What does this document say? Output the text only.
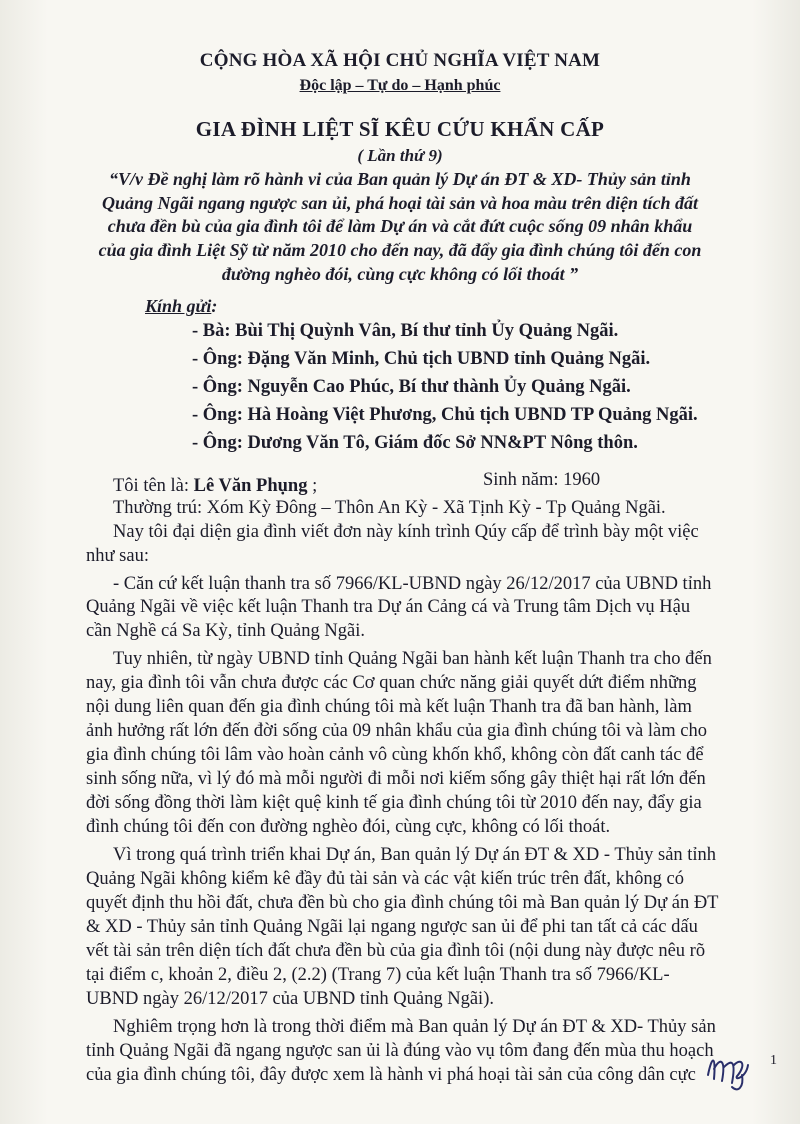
CỘNG HÒA XÃ HỘI CHỦ NGHĨA VIỆT NAM
Độc lập – Tự do – Hạnh phúc
GIA ĐÌNH LIỆT SĨ KÊU CỨU KHẨN CẤP
( Lần thứ 9)
“V/v Đề nghị làm rõ hành vi của Ban quản lý Dự án ĐT & XD- Thủy sản tỉnh
Quảng Ngãi ngang ngược san ủi, phá hoại tài sản và hoa màu trên diện tích đất
chưa đền bù của gia đình tôi để làm Dự án và cắt đứt cuộc sống 09 nhân khẩu
của gia đình Liệt Sỹ từ năm 2010 cho đến nay, đã đẩy gia đình chúng tôi đến con
đường nghèo đói, cùng cực không có lối thoát ”
Kính gửi:
- Bà: Bùi Thị Quỳnh Vân, Bí thư tỉnh Ủy Quảng Ngãi.
- Ông: Đặng Văn Minh, Chủ tịch UBND tỉnh Quảng Ngãi.
- Ông: Nguyễn Cao Phúc, Bí thư thành Ủy Quảng Ngãi.
- Ông: Hà Hoàng Việt Phương, Chủ tịch UBND TP Quảng Ngãi.
- Ông: Dương Văn Tô, Giám đốc Sở NN&PT Nông thôn.
Tôi tên là: Lê Văn Phụng ;	Sinh năm: 1960
Thường trú: Xóm Kỳ Đông – Thôn An Kỳ - Xã Tịnh Kỳ - Tp Quảng Ngãi.
Nay tôi đại diện gia đình viết đơn này kính trình Qúy cấp để trình bày một việc
như sau:
- Căn cứ kết luận thanh tra số 7966/KL-UBND ngày 26/12/2017 của UBND tỉnh
Quảng Ngãi về việc kết luận Thanh tra Dự án Cảng cá và Trung tâm Dịch vụ Hậu
cần Nghề cá Sa Kỳ, tỉnh Quảng Ngãi.
Tuy nhiên, từ ngày UBND tỉnh Quảng Ngãi ban hành kết luận Thanh tra cho đến
nay, gia đình tôi vẫn chưa được các Cơ quan chức năng giải quyết dứt điểm những
nội dung liên quan đến gia đình chúng tôi mà kết luận Thanh tra đã ban hành, làm
ảnh hưởng rất lớn đến đời sống của 09 nhân khẩu của gia đình chúng tôi và làm cho
gia đình chúng tôi lâm vào hoàn cảnh vô cùng khốn khổ, không còn đất canh tác để
sinh sống nữa, vì lý đó mà mỗi người đi mỗi nơi kiếm sống gây thiệt hại rất lớn đến
đời sống đồng thời làm kiệt quệ kinh tế gia đình chúng tôi từ 2010 đến nay, đẩy gia
đình chúng tôi đến con đường nghèo đói, cùng cực, không có lối thoát.
Vì trong quá trình triển khai Dự án, Ban quản lý Dự án ĐT & XD - Thủy sản tỉnh
Quảng Ngãi không kiểm kê đầy đủ tài sản và các vật kiến trúc trên đất, không có
quyết định thu hồi đất, chưa đền bù cho gia đình chúng tôi mà Ban quản lý Dự án ĐT
& XD - Thủy sản tỉnh Quảng Ngãi lại ngang ngược san ủi để phi tan tất cả các dấu
vết tài sản trên diện tích đất chưa đền bù của gia đình tôi (nội dung này được nêu rõ
tại điểm c, khoản 2, điều 2, (2.2) (Trang 7) của kết luận Thanh tra số 7966/KL-
UBND ngày 26/12/2017 của UBND tỉnh Quảng Ngãi).
Nghiêm trọng hơn là trong thời điểm mà Ban quản lý Dự án ĐT & XD- Thủy sản
tỉnh Quảng Ngãi đã ngang ngược san ủi là đúng vào vụ tôm đang đến mùa thu hoạch
của gia đình chúng tôi, đây được xem là hành vi phá hoại tài sản của công dân cực
1
